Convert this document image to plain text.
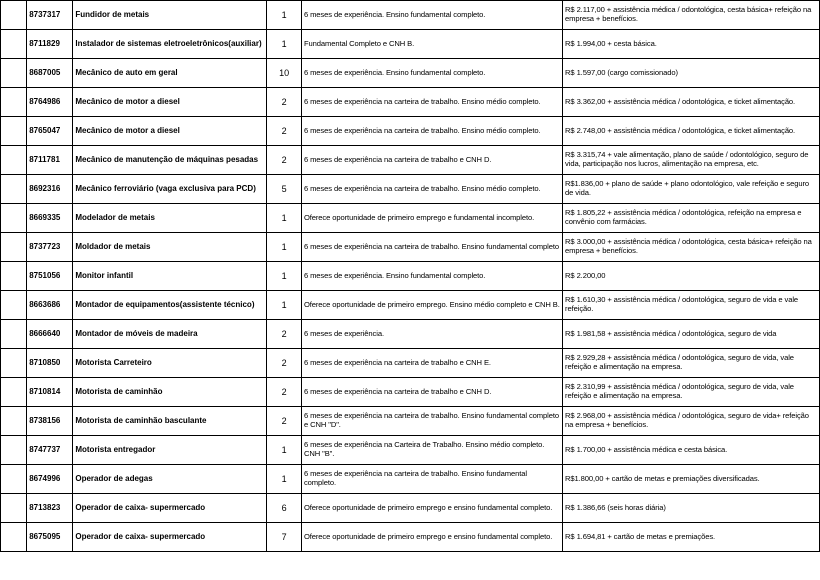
	8737317	Fundidor de metais	1	6 meses de experiência. Ensino fundamental completo.	R$ 2.117,00 + assistência médica / odontológica, cesta básica+ refeição na empresa + benefícios.
	8711829	Instalador de sistemas eletroeletrônicos(auxiliar)	1	Fundamental Completo e CNH B.	R$ 1.994,00 + cesta básica.
	8687005	Mecânico de auto em geral	10	6 meses de experiência. Ensino fundamental completo.	R$ 1.597,00 (cargo comissionado)
	8764986	Mecânico de motor a diesel	2	6 meses de experiência na carteira de trabalho. Ensino médio completo.	R$ 3.362,00 + assistência médica / odontológica, e ticket alimentação.
	8765047	Mecânico de motor a diesel	2	6 meses de experiência na carteira de trabalho. Ensino médio completo.	R$ 2.748,00 + assistência médica / odontológica, e ticket alimentação.
	8711781	Mecânico de manutenção de máquinas pesadas	2	6 meses de experiência na carteira de trabalho e CNH D.	R$ 3.315,74 + vale alimentação, plano de saúde / odontológico, seguro de vida, participação nos lucros, alimentação na empresa, etc.
	8692316	Mecânico ferroviário (vaga exclusiva para PCD)	5	6 meses de experiência na carteira de trabalho. Ensino médio completo.	R$1.836,00 + plano de saúde + plano odontológico, vale refeição e seguro de vida.
	8669335	Modelador de metais	1	Oferece oportunidade de primeiro emprego e fundamental incompleto.	R$ 1.805,22 + assistência médica / odontológica, refeição na empresa e convênio com farmácias.
	8737723	Moldador de metais	1	6 meses de experiência na carteira de trabalho. Ensino fundamental completo	R$ 3.000,00 + assistência médica / odontológica, cesta básica+ refeição na empresa + benefícios.
	8751056	Monitor infantil	1	6 meses de experiência. Ensino fundamental completo.	R$ 2.200,00
	8663686	Montador de equipamentos(assistente técnico)	1	Oferece oportunidade de primeiro emprego. Ensino médio completo e CNH B.	R$ 1.610,30 + assistência médica / odontológica, seguro de vida e vale refeição.
	8666640	Montador de móveis de madeira	2	6 meses de experiência.	R$ 1.981,58 + assistência médica / odontológica, seguro de vida
	8710850	Motorista Carreteiro	2	6 meses de experiência na carteira de trabalho e CNH E.	R$ 2.929,28 + assistência médica / odontológica, seguro de vida, vale refeição e alimentação na empresa.
	8710814	Motorista de caminhão	2	6 meses de experiência na carteira de trabalho e CNH D.	R$ 2.310,99 + assistência médica / odontológica, seguro de vida, vale refeição e alimentação na empresa.
	8738156	Motorista de caminhão basculante	2	6 meses de experiência na carteira de trabalho. Ensino fundamental completo e CNH "D".	R$ 2.968,00 + assistência médica / odontológica, seguro de vida+ refeição na empresa + benefícios.
	8747737	Motorista entregador	1	6 meses de experiência na Carteira de Trabalho. Ensino médio completo. CNH "B".	R$ 1.700,00 + assistência médica e cesta básica.
	8674996	Operador de adegas	1	6 meses de experiência na carteira de trabalho. Ensino fundamental completo.	R$1.800,00 + cartão de metas e premiações diversificadas.
	8713823	Operador de caixa- supermercado	6	Oferece oportunidade de primeiro emprego e ensino fundamental completo.	R$ 1.386,66 (seis horas diária)
	8675095	Operador de caixa- supermercado	7	Oferece oportunidade de primeiro emprego e ensino fundamental completo.	R$ 1.694,81 + cartão de metas e premiações.
